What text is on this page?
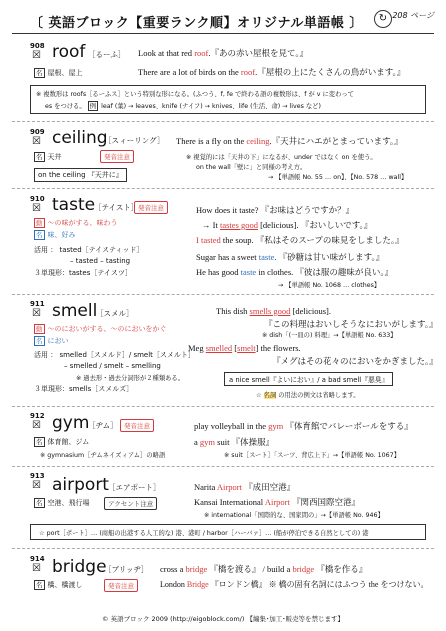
〔 英語ブロック【重要ランク順】オリジナル単語帳 〕	↻ 208 ページ
908
☒ roof ［るーふ］
名 屋根、屋上
Look at that red roof.『あの赤い屋根を見て。』
There are a lot of birds on the roof.『屋根の上にたくさんの鳥がいます。』
※ 複数形は roofs［るーふス］という特別な形になる。(ふつう、f, fe で終わる語の複数形は、f が v に変わって
es をつける。 例 leaf (葉) → leaves、knife (ナイフ) → knives、life (生活、命) → lives など)
909
☒ ceiling
［スィーリング］
発音注意
名 天井
on the ceiling 『天井に』
There is a fly on the ceiling.『天井にハエがとまっています。』
※ 視覚的には「天井の下」になるが、under ではなく on を使う。
on the wall「壁に」と同様の考え方。
→ 【単語帳 No. 55 … on】、【No. 578 … wall】
910
☒ taste
［テイスト］ 発音注意
動 ～の味がする、味わう
名 味、好み
活用 ： tasted［テイスティッド］
– tasted – tasting
３単現形：tastes［テイスツ］
How does it taste? 『お味はどうですか？』
→ It tastes good [delicious]. 『おいしいです。』
I tasted the soup. 『私はそのスープの味見をしました。』
Sugar has a sweet taste. 『砂糖は甘い味がします。』
He has good taste in clothes. 『彼は服の趣味が良い。』
→ 【単語帳 No. 1068 … clothes】
911
☒ smell
［スメル］
動 ～のにおいがする、～のにおいをかぐ
名 におい
活用 ： smelled［スメルド］/ smelt［スメルト］
– smelled / smelt – smelling
※ 過去形・過去分詞形が２種類ある。
３単現形：smells［スメルズ］
This dish smells good [delicious].
『この料理はおいしそうなにおいがします。』
※ dish「(一皿の) 料理」→【単語帳 No. 633】
Meg smelled [smelt] the flowers.
『メグはその花々のにおいをかぎました。』
a nice smell『よいにおい』/ a bad smell『悪臭』
☆ 名詞 の用法の例文は省略します。
912
☒ gym
［ヂム］ 発音注意
名 体育館、ジム
※ gymnasium［ヂムネイズィアム］の略語
play volleyball in the gym 『体育館でバレーボールをする』
a gym suit 『体操服』
※ suit［スート］「スーツ、背広上下」→【単語帳 No. 1067】
913
☒ airport ［エアポート］
名 空港、飛行場	アクセント注意
Narita Airport 『成田空港』
Kansai International Airport 『関西国際空港』
※ international「国際的な、国家間の」→【単語帳 No. 946】
☆ port［ポート］… (商船の出港する人工的な) 港、港町 / harbor［ハーバァ］… (船が停泊できる自然としての) 港
914
☒ bridge
［ブリッヂ］
名 橋、橋渡し	発音注意
cross a bridge 『橋を渡る』 / build a bridge 『橋を作る』
London Bridge 『ロンドン橋』 ※ 橋の固有名詞にはふつう the をつけない。
© 英語ブロック 2009 (http://eigoblock.com/) 【編集･加工･販売等を禁じます】
